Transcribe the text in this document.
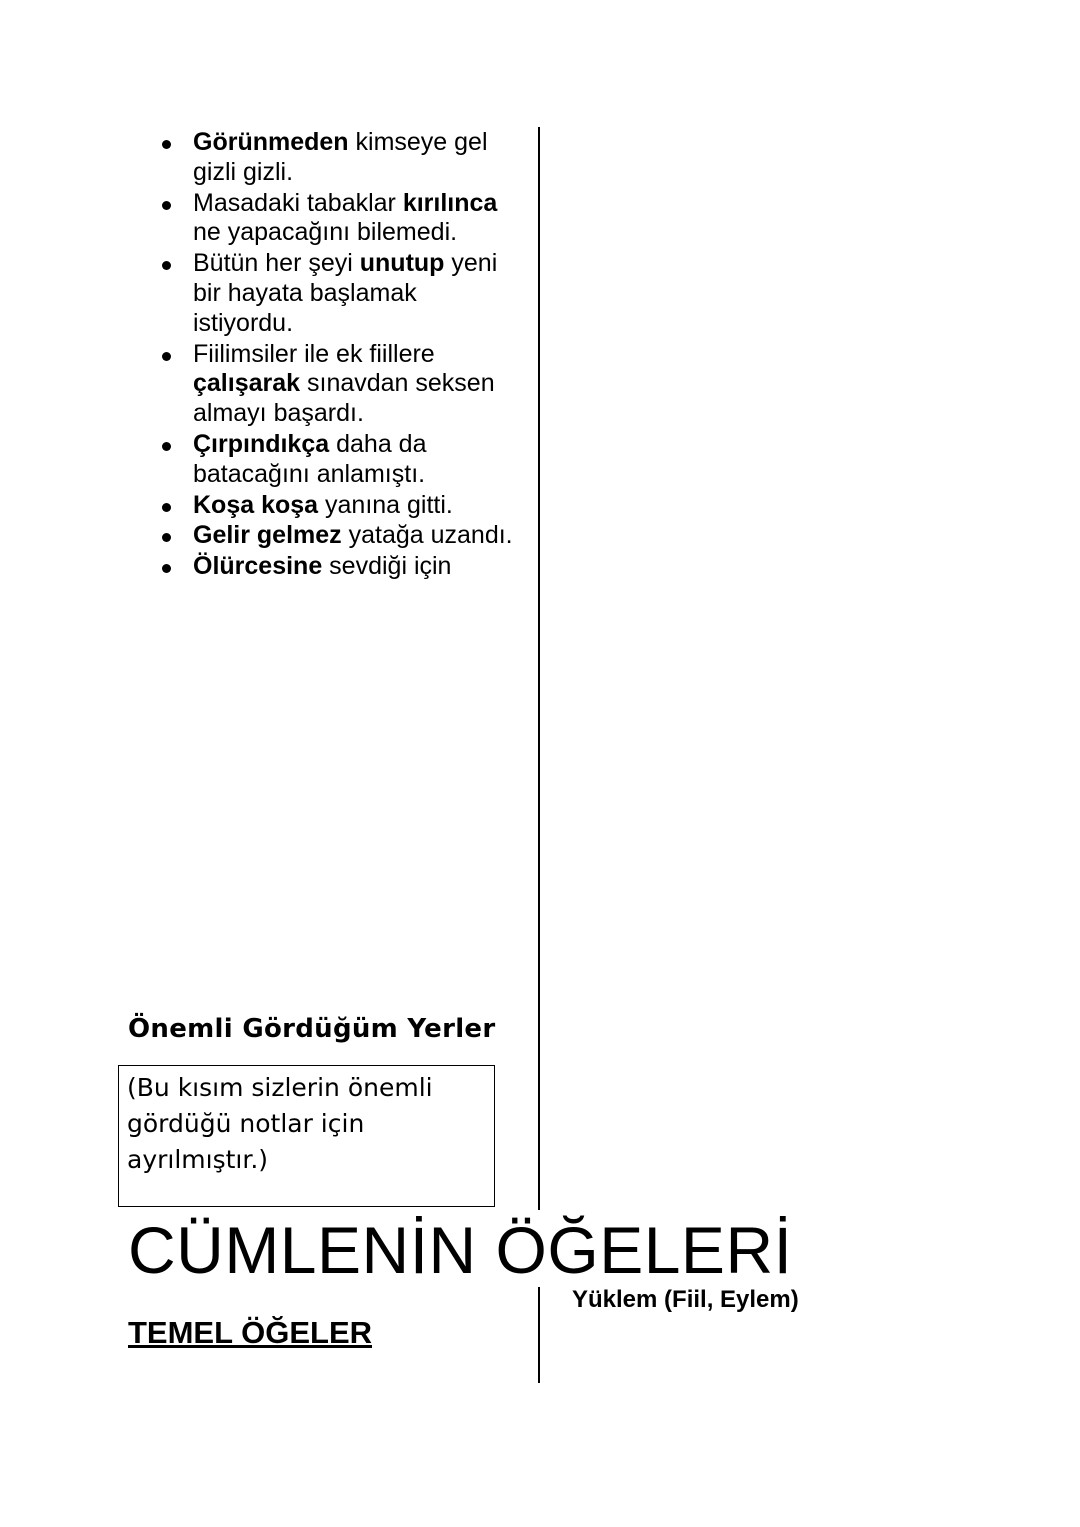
Görünmeden kimseye gel gizli gizli.
Masadaki tabaklar kırılınca ne yapacağını bilemedi.
Bütün her şeyi unutup yeni bir hayata başlamak istiyordu.
Fiilimsiler ile ek fiillere çalışarak sınavdan seksen almayı başardı.
Çırpındıkça daha da batacağını anlamıştı.
Koşa koşa yanına gitti.
Gelir gelmez yatağa uzandı.
Ölürcesine sevdiği için
Önemli Gördüğüm Yerler

(Bu kısım sizlerin önemli gördüğü notlar için ayrılmıştır.)

CÜMLENİN ÖĞELERİ
TEMEL ÖĞELER
Yüklem (Fiil, Eylem)
